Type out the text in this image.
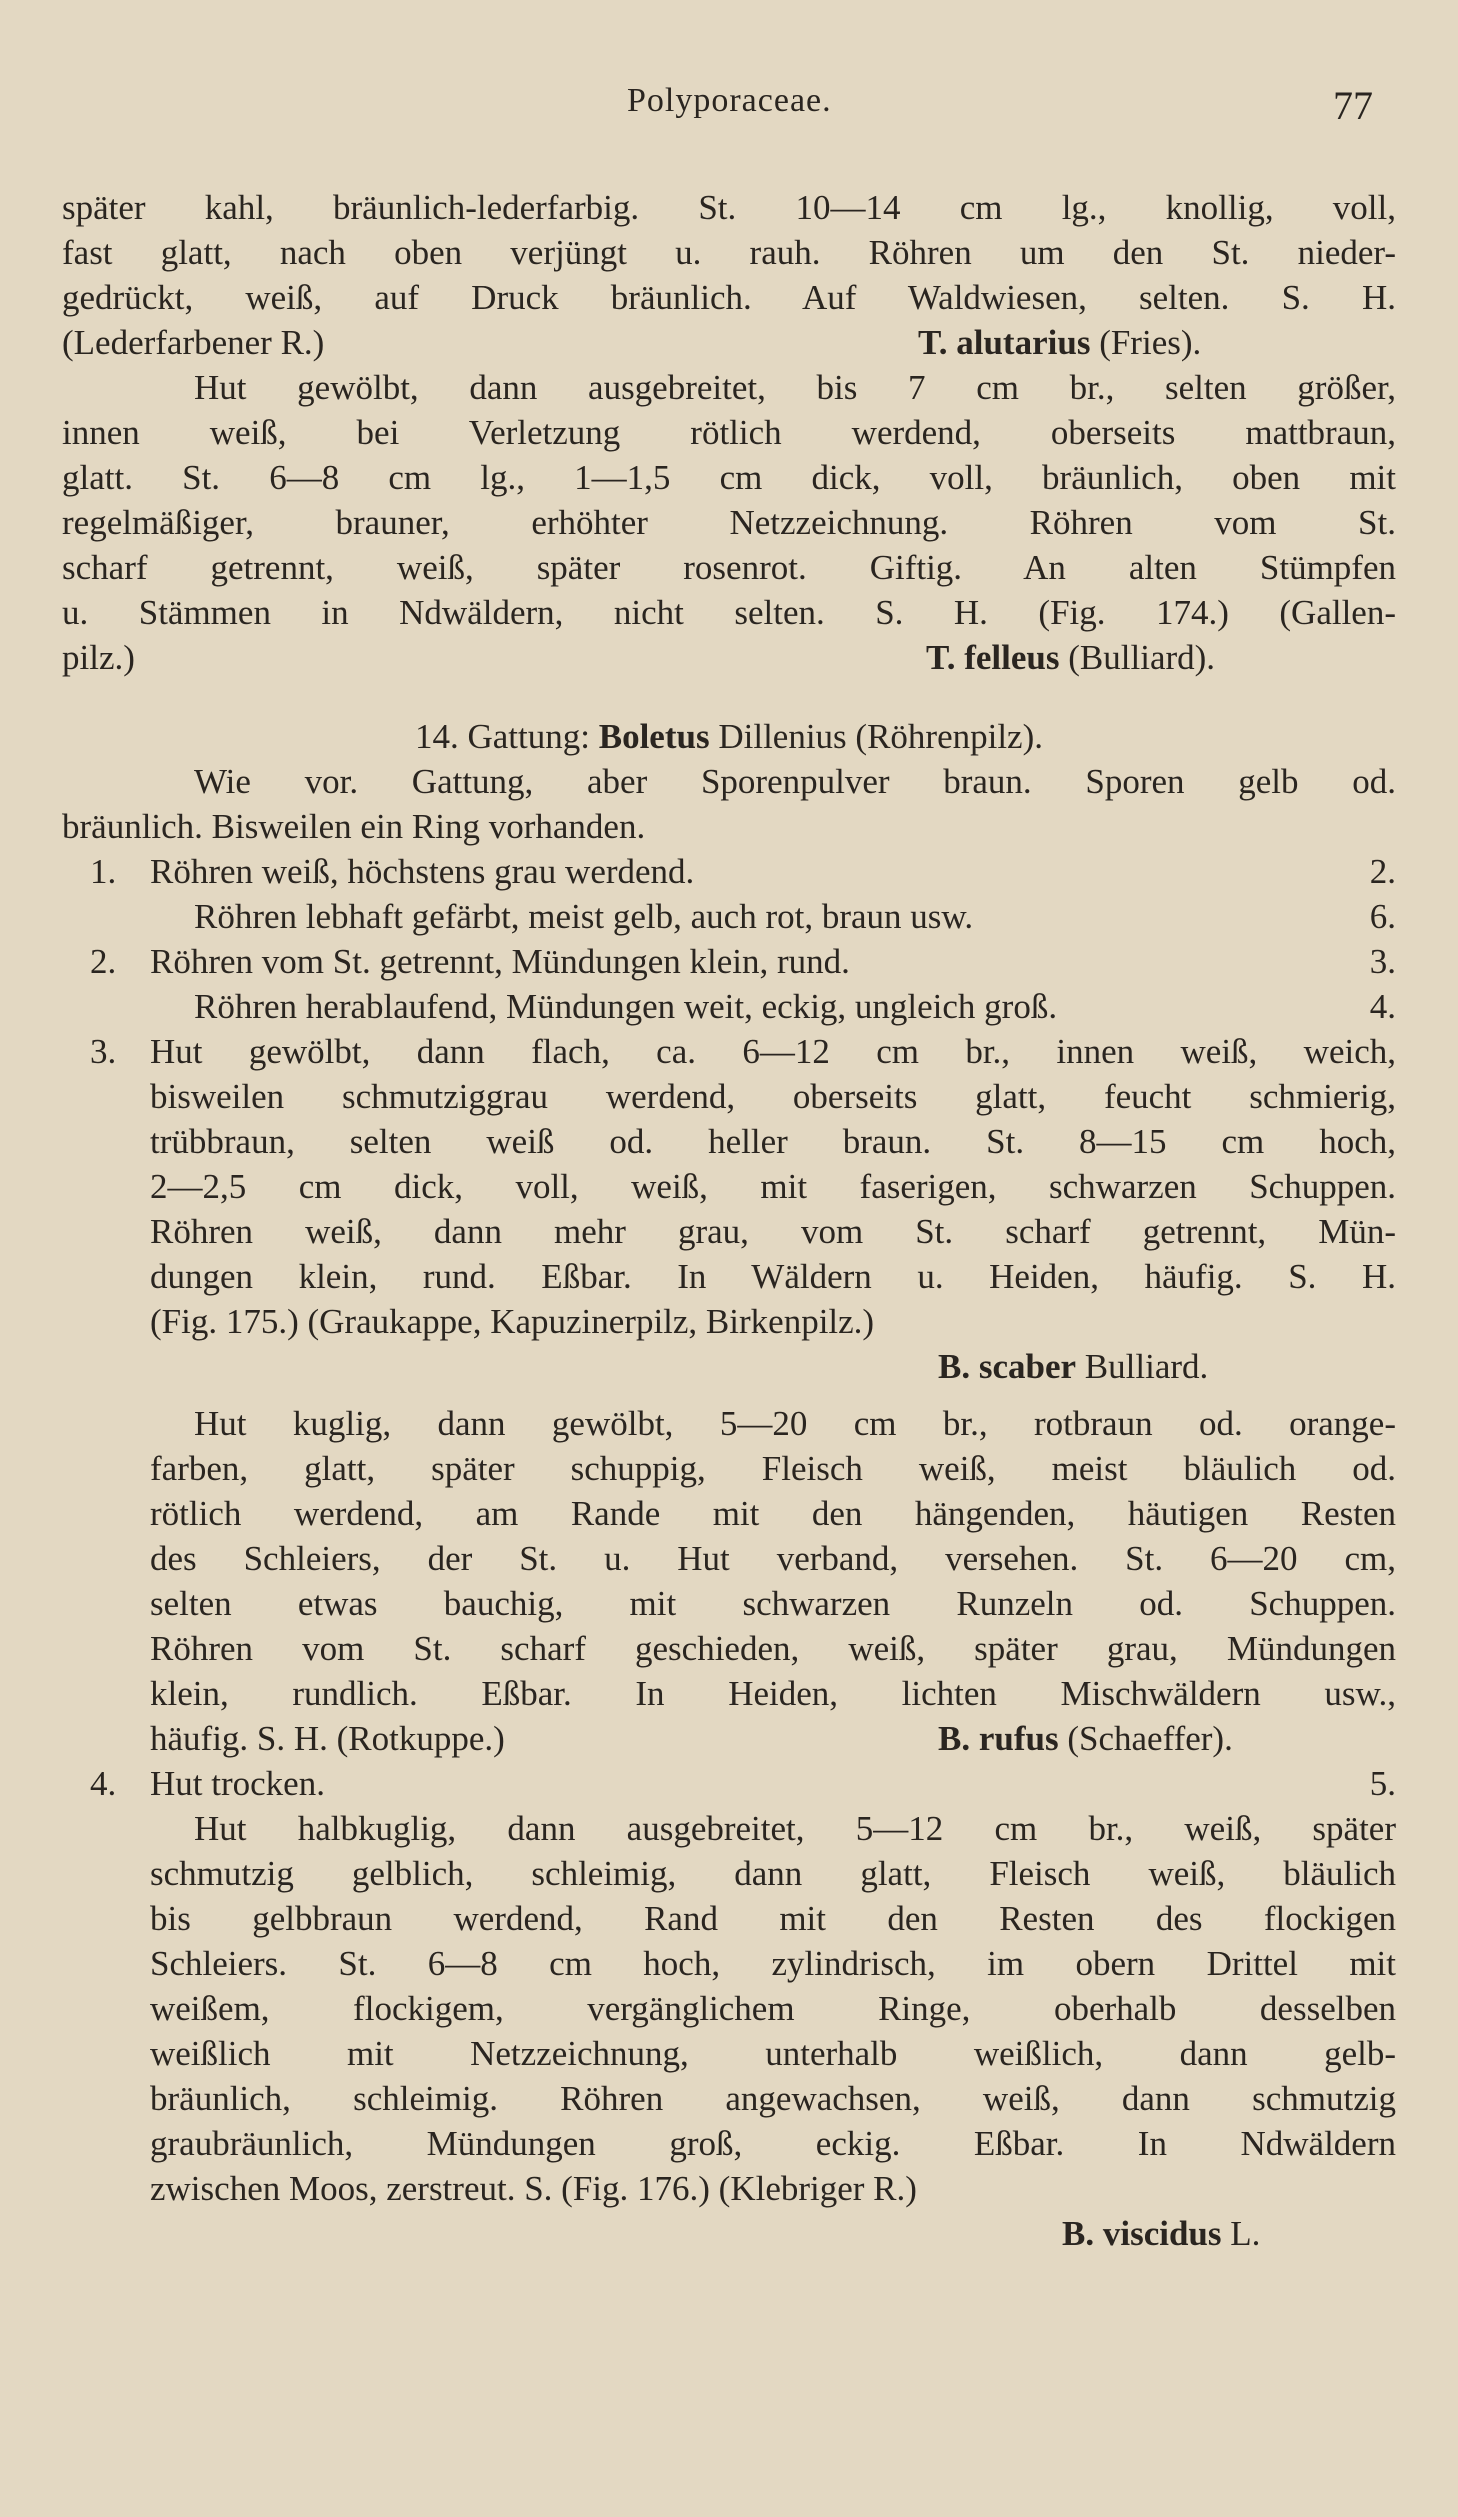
Polyporaceae.	77
später kahl, bräunlich-lederfarbig. St. 10—14 cm lg., knollig, voll,
fast glatt, nach oben verjüngt u. rauh. Röhren um den St. nieder-
gedrückt, weiß, auf Druck bräunlich. Auf Waldwiesen, selten. S. H.
(Lederfarbener R.)	T. alutarius (Fries).
Hut gewölbt, dann ausgebreitet, bis 7 cm br., selten größer,
innen weiß, bei Verletzung rötlich werdend, oberseits mattbraun,
glatt. St. 6—8 cm lg., 1—1,5 cm dick, voll, bräunlich, oben mit
regelmäßiger, brauner, erhöhter Netzzeichnung. Röhren vom St.
scharf getrennt, weiß, später rosenrot. Giftig. An alten Stümpfen
u. Stämmen in Ndwäldern, nicht selten. S. H. (Fig. 174.) (Gallen-
pilz.)	T. felleus (Bulliard).
14. Gattung: Boletus Dillenius (Röhrenpilz).
Wie vor. Gattung, aber Sporenpulver braun. Sporen gelb od.
bräunlich. Bisweilen ein Ring vorhanden.
1. Röhren weiß, höchstens grau werdend.	2.
Röhren lebhaft gefärbt, meist gelb, auch rot, braun usw.	6.
2. Röhren vom St. getrennt, Mündungen klein, rund.	3.
Röhren herablaufend, Mündungen weit, eckig, ungleich groß.	4.
3. Hut gewölbt, dann flach, ca. 6—12 cm br., innen weiß, weich,
bisweilen schmutziggrau werdend, oberseits glatt, feucht schmierig,
trübbraun, selten weiß od. heller braun. St. 8—15 cm hoch,
2—2,5 cm dick, voll, weiß, mit faserigen, schwarzen Schuppen.
Röhren weiß, dann mehr grau, vom St. scharf getrennt, Mün-
dungen klein, rund. Eßbar. In Wäldern u. Heiden, häufig. S. H.
(Fig. 175.) (Graukappe, Kapuzinerpilz, Birkenpilz.)
B. scaber Bulliard.
Hut kuglig, dann gewölbt, 5—20 cm br., rotbraun od. orange-
farben, glatt, später schuppig, Fleisch weiß, meist bläulich od.
rötlich werdend, am Rande mit den hängenden, häutigen Resten
des Schleiers, der St. u. Hut verband, versehen. St. 6—20 cm,
selten etwas bauchig, mit schwarzen Runzeln od. Schuppen.
Röhren vom St. scharf geschieden, weiß, später grau, Mündungen
klein, rundlich. Eßbar. In Heiden, lichten Mischwäldern usw.,
häufig. S. H. (Rotkuppe.)	B. rufus (Schaeffer).
4. Hut trocken.	5.
Hut halbkuglig, dann ausgebreitet, 5—12 cm br., weiß, später
schmutzig gelblich, schleimig, dann glatt, Fleisch weiß, bläulich
bis gelbbraun werdend, Rand mit den Resten des flockigen
Schleiers. St. 6—8 cm hoch, zylindrisch, im obern Drittel mit
weißem, flockigem, vergänglichem Ringe, oberhalb desselben
weißlich mit Netzzeichnung, unterhalb weißlich, dann gelb-
bräunlich, schleimig. Röhren angewachsen, weiß, dann schmutzig
graubräunlich, Mündungen groß, eckig. Eßbar. In Ndwäldern
zwischen Moos, zerstreut. S. (Fig. 176.) (Klebriger R.)
B. viscidus L.
